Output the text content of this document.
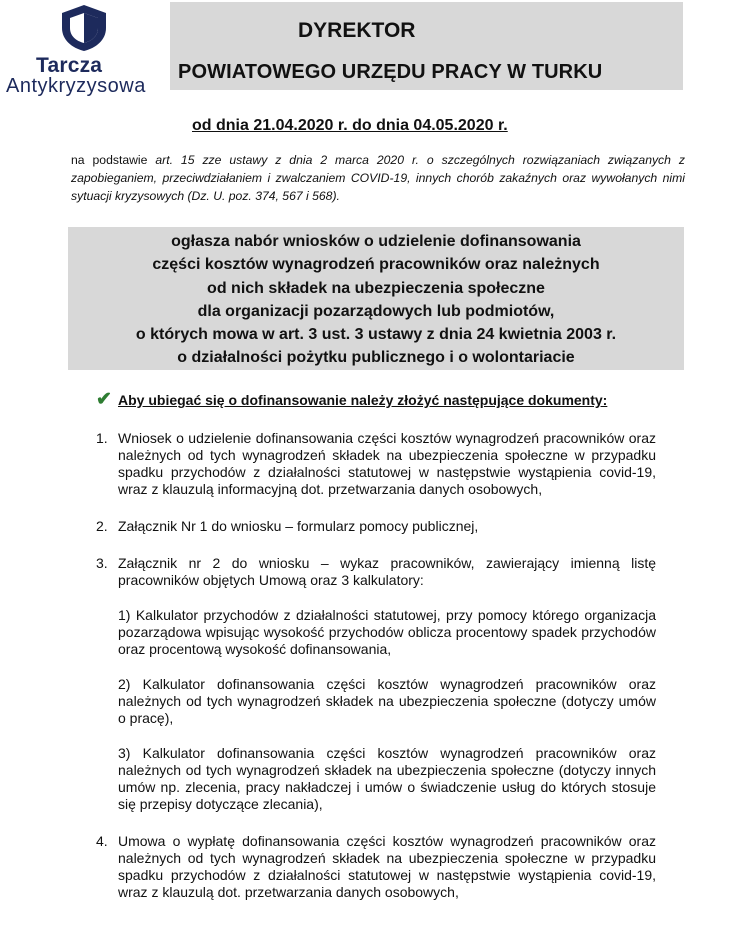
Tarcza
Antykryzysowa
DYREKTOR
POWIATOWEGO URZĘDU PRACY W TURKU
od dnia 21.04.2020 r. do dnia 04.05.2020 r.

na podstawie art. 15 zze ustawy z dnia 2 marca 2020 r. o szczególnych rozwiązaniach związanych z zapobieganiem, przeciwdziałaniem i zwalczaniem COVID-19, innych chorób zakaźnych oraz wywołanych nimi sytuacji kryzysowych (Dz. U. poz. 374, 567 i 568).

ogłasza nabór wniosków o udzielenie dofinansowania
części kosztów wynagrodzeń pracowników oraz należnych
od nich składek na ubezpieczenia społeczne
dla organizacji pozarządowych lub podmiotów,
o których mowa w art. 3 ust. 3 ustawy z dnia 24 kwietnia 2003 r.
o działalności pożytku publicznego i o wolontariacie
✔ Aby ubiegać się o dofinansowanie należy złożyć następujące dokumenty:
1. Wniosek o udzielenie dofinansowania części kosztów wynagrodzeń pracowników oraz należnych od tych wynagrodzeń składek na ubezpieczenia społeczne w przypadku spadku przychodów z działalności statutowej w następstwie wystąpienia covid-19, wraz z klauzulą informacyjną dot. przetwarzania danych osobowych,
2. Załącznik Nr 1 do wniosku – formularz pomocy publicznej,
3. Załącznik nr 2 do wniosku – wykaz pracowników, zawierający imienną listę pracowników objętych Umową oraz 3 kalkulatory:
1) Kalkulator przychodów z działalności statutowej, przy pomocy którego organizacja pozarządowa wpisując wysokość przychodów oblicza procentowy spadek przychodów oraz procentową wysokość dofinansowania,
2) Kalkulator dofinansowania części kosztów wynagrodzeń pracowników oraz należnych od tych wynagrodzeń składek na ubezpieczenia społeczne (dotyczy umów o pracę),
3) Kalkulator dofinansowania części kosztów wynagrodzeń pracowników oraz należnych od tych wynagrodzeń składek na ubezpieczenia społeczne (dotyczy innych umów np. zlecenia, pracy nakładczej i umów o świadczenie usług do których stosuje się przepisy dotyczące zlecania),
4. Umowa o wypłatę dofinansowania części kosztów wynagrodzeń pracowników oraz należnych od tych wynagrodzeń składek na ubezpieczenia społeczne w przypadku spadku przychodów z działalności statutowej w następstwie wystąpienia covid-19, wraz z klauzulą dot. przetwarzania danych osobowych,
